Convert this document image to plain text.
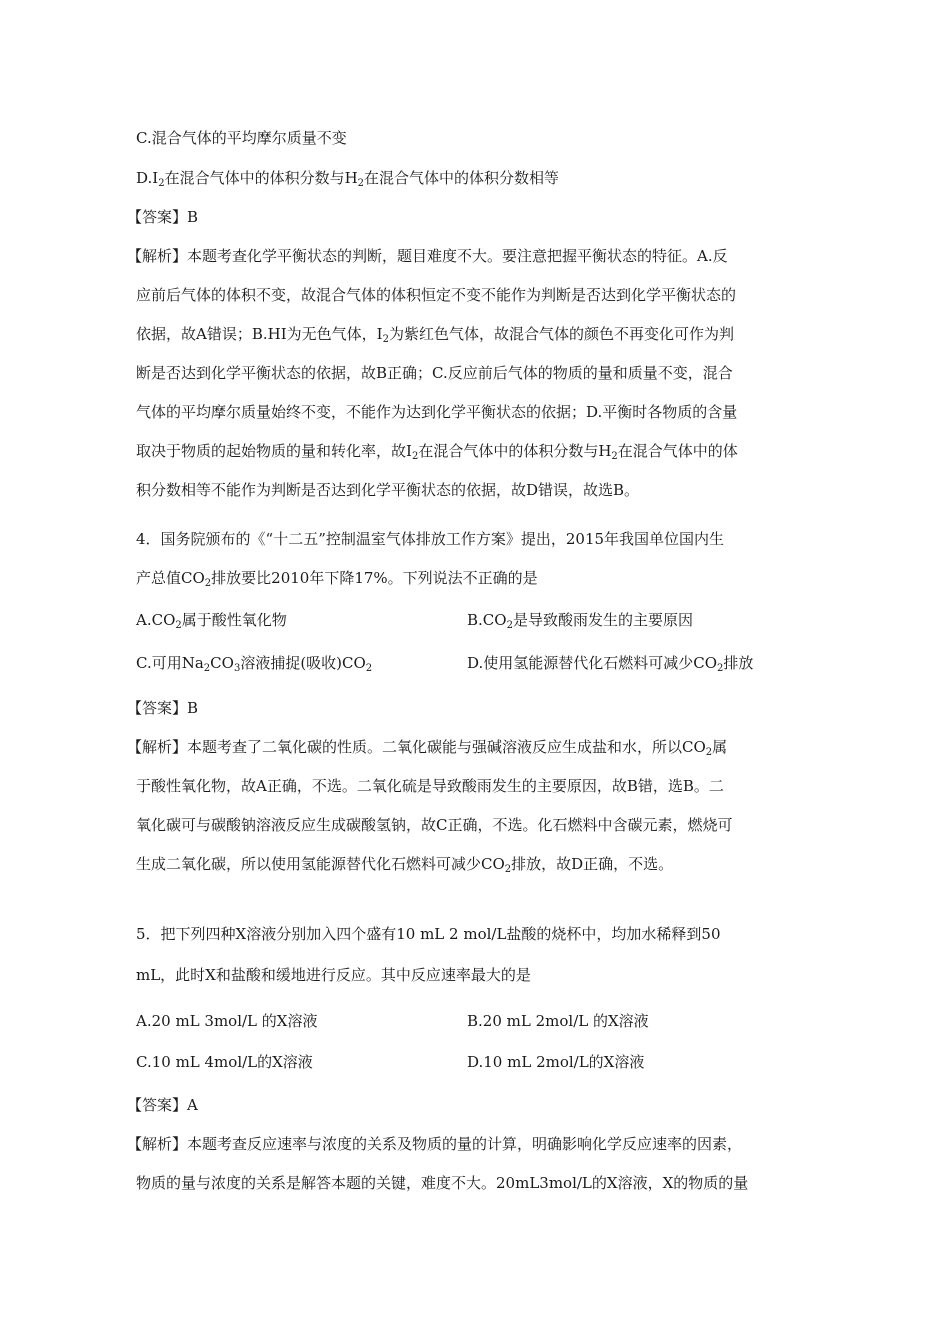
C.混合气体的平均摩尔质量不变
$D.I_2$在混合气体中的体积分数与$H_2$在混合气体中的体积分数相等
【答案】B
【解析】本题考查化学平衡状态的判断，题目难度不大。要注意把握平衡状态的特征。A.反
应前后气体的体积不变，故混合气体的体积恒定不变不能作为判断是否达到化学平衡状态的
依据，故A错误；B.HI为无色气体，$I_2$为紫红色气体，故混合气体的颜色不再变化可作为判
断是否达到化学平衡状态的依据，故B正确；C.反应前后气体的物质的量和质量不变，混合
气体的平均摩尔质量始终不变，不能作为达到化学平衡状态的依据；D.平衡时各物质的含量
取决于物质的起始物质的量和转化率，故$I_2$在混合气体中的体积分数与$H_2$在混合气体中的体
积分数相等不能作为判断是否达到化学平衡状态的依据，故D错误，故选B。
4．国务院颁布的《“十二五”控制温室气体排放工作方案》提出，2015年我国单位国内生
产总值$CO_2$排放要比2010年下降17%。下列说法不正确的是
$A.CO_2$属于酸性氧化物	$B.CO_2$是导致酸雨发生的主要原因
C.可用$Na_2CO_3$溶液捕捉(吸收)$CO_2$	D.使用氢能源替代化石燃料可减少$CO_2$排放
【答案】B
【解析】本题考查了二氧化碳的性质。二氧化碳能与强碱溶液反应生成盐和水，所以$CO_2$属
于酸性氧化物，故A正确，不选。二氧化硫是导致酸雨发生的主要原因，故B错，选B。二
氧化碳可与碳酸钠溶液反应生成碳酸氢钠，故C正确，不选。化石燃料中含碳元素，燃烧可
生成二氧化碳，所以使用氢能源替代化石燃料可减少$CO_2$排放，故D正确，不选。
5．把下列四种X溶液分别加入四个盛有10 mL 2 mol/L盐酸的烧杯中，均加水稀释到50
mL，此时X和盐酸和缓地进行反应。其中反应速率最大的是
A.20 mL 3mol/L 的X溶液	B.20 mL 2mol/L 的X溶液
C.10 mL 4mol/L的X溶液	D.10 mL 2mol/L的X溶液
【答案】A
【解析】本题考查反应速率与浓度的关系及物质的量的计算，明确影响化学反应速率的因素，
物质的量与浓度的关系是解答本题的关键，难度不大。20mL3mol/L的X溶液，X的物质的量
